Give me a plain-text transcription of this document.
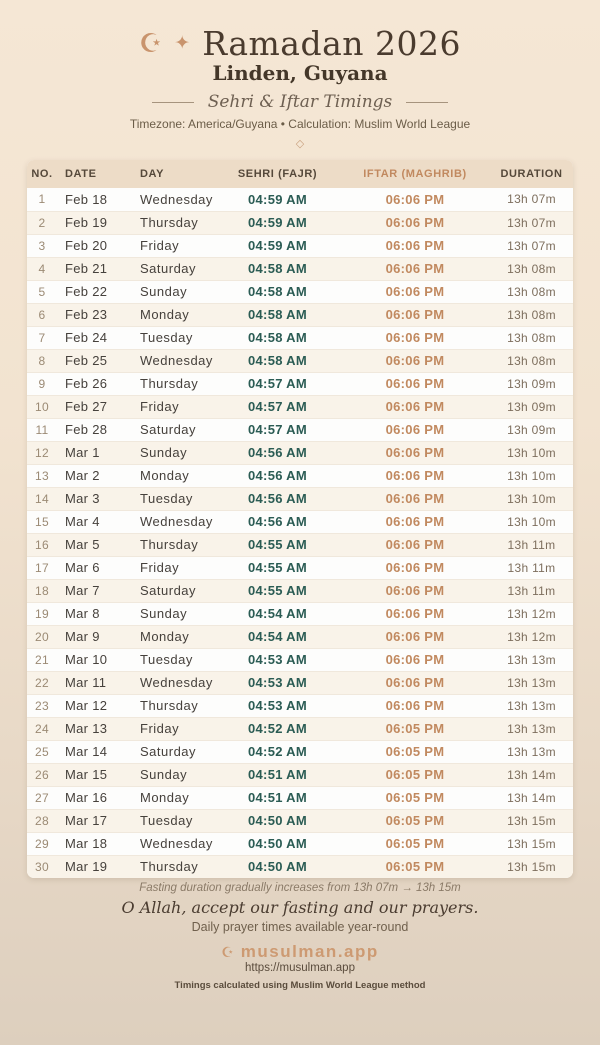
☪ ✦ Ramadan 2026
Linden, Guyana
Sehri & Iftar Timings
Timezone: America/Guyana • Calculation: Muslim World League
◇
NO.	DATE	DAY	SEHRI (FAJR)	IFTAR (MAGHRIB)	DURATION
1	Feb 18	Wednesday	04:59 AM	06:06 PM	13h 07m
2	Feb 19	Thursday	04:59 AM	06:06 PM	13h 07m
3	Feb 20	Friday	04:59 AM	06:06 PM	13h 07m
4	Feb 21	Saturday	04:58 AM	06:06 PM	13h 08m
5	Feb 22	Sunday	04:58 AM	06:06 PM	13h 08m
6	Feb 23	Monday	04:58 AM	06:06 PM	13h 08m
7	Feb 24	Tuesday	04:58 AM	06:06 PM	13h 08m
8	Feb 25	Wednesday	04:58 AM	06:06 PM	13h 08m
9	Feb 26	Thursday	04:57 AM	06:06 PM	13h 09m
10	Feb 27	Friday	04:57 AM	06:06 PM	13h 09m
11	Feb 28	Saturday	04:57 AM	06:06 PM	13h 09m
12	Mar 1	Sunday	04:56 AM	06:06 PM	13h 10m
13	Mar 2	Monday	04:56 AM	06:06 PM	13h 10m
14	Mar 3	Tuesday	04:56 AM	06:06 PM	13h 10m
15	Mar 4	Wednesday	04:56 AM	06:06 PM	13h 10m
16	Mar 5	Thursday	04:55 AM	06:06 PM	13h 11m
17	Mar 6	Friday	04:55 AM	06:06 PM	13h 11m
18	Mar 7	Saturday	04:55 AM	06:06 PM	13h 11m
19	Mar 8	Sunday	04:54 AM	06:06 PM	13h 12m
20	Mar 9	Monday	04:54 AM	06:06 PM	13h 12m
21	Mar 10	Tuesday	04:53 AM	06:06 PM	13h 13m
22	Mar 11	Wednesday	04:53 AM	06:06 PM	13h 13m
23	Mar 12	Thursday	04:53 AM	06:06 PM	13h 13m
24	Mar 13	Friday	04:52 AM	06:05 PM	13h 13m
25	Mar 14	Saturday	04:52 AM	06:05 PM	13h 13m
26	Mar 15	Sunday	04:51 AM	06:05 PM	13h 14m
27	Mar 16	Monday	04:51 AM	06:05 PM	13h 14m
28	Mar 17	Tuesday	04:50 AM	06:05 PM	13h 15m
29	Mar 18	Wednesday	04:50 AM	06:05 PM	13h 15m
30	Mar 19	Thursday	04:50 AM	06:05 PM	13h 15m
Fasting duration gradually increases from 13h 07m → 13h 15m
O Allah, accept our fasting and our prayers.
Daily prayer times available year-round
☪ musulman.app
https://musulman.app
Timings calculated using Muslim World League method
